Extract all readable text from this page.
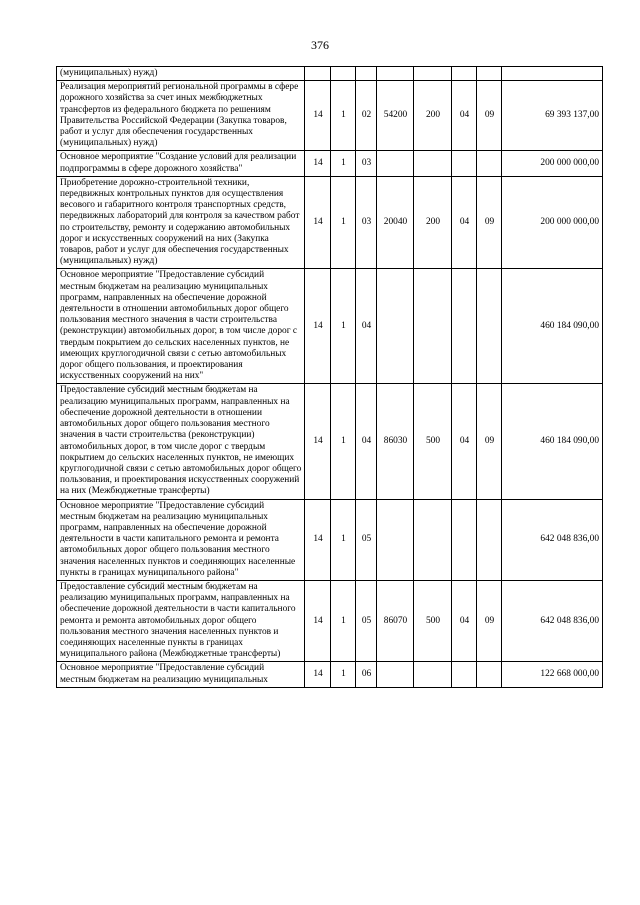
376
(муниципальных) нужд)								
Реализация мероприятий региональной программы в сфере дорожного хозяйства за счет иных межбюджетных трансфертов из федерального бюджета по решениям Правительства Российской Федерации (Закупка товаров, работ и услуг для обеспечения государственных (муниципальных) нужд)	14	1	02	54200	200	04	09	69 393 137,00
Основное мероприятие "Создание условий для реализации подпрограммы в сфере дорожного хозяйства"	14	1	03					200 000 000,00
Приобретение дорожно-строительной техники, передвижных контрольных пунктов для осуществления весового и габаритного контроля транспортных средств, передвижных лабораторий для контроля за качеством работ по строительству, ремонту и содержанию автомобильных дорог и искусственных сооружений на них (Закупка товаров, работ и услуг для обеспечения государственных (муниципальных) нужд)	14	1	03	20040	200	04	09	200 000 000,00
Основное мероприятие "Предоставление субсидий местным бюджетам на реализацию муниципальных программ, направленных на обеспечение дорожной деятельности в отношении автомобильных дорог общего пользования местного значения в части строительства (реконструкции) автомобильных дорог, в том числе дорог с твердым покрытием до сельских населенных пунктов, не имеющих круглогодичной связи с сетью автомобильных дорог общего пользования, и проектирования искусственных сооружений на них"	14	1	04					460 184 090,00
Предоставление субсидий местным бюджетам на реализацию муниципальных программ, направленных на обеспечение дорожной деятельности в отношении автомобильных дорог общего пользования местного значения в части строительства (реконструкции) автомобильных дорог, в том числе дорог с твердым покрытием до сельских населенных пунктов, не имеющих круглогодичной связи с сетью автомобильных дорог общего пользования, и проектирования искусственных сооружений на них (Межбюджетные трансферты)	14	1	04	86030	500	04	09	460 184 090,00
Основное мероприятие "Предоставление субсидий местным бюджетам на реализацию муниципальных программ, направленных на обеспечение дорожной деятельности в части капитального ремонта и ремонта автомобильных дорог общего пользования местного значения населенных пунктов и соединяющих населенные пункты в границах муниципального района"	14	1	05					642 048 836,00
Предоставление субсидий местным бюджетам на реализацию муниципальных программ, направленных на обеспечение дорожной деятельности в части капитального ремонта и ремонта автомобильных дорог общего пользования местного значения населенных пунктов и соединяющих населенные пункты в границах муниципального района (Межбюджетные трансферты)	14	1	05	86070	500	04	09	642 048 836,00
Основное мероприятие "Предоставление субсидий местным бюджетам на реализацию муниципальных	14	1	06					122 668 000,00
